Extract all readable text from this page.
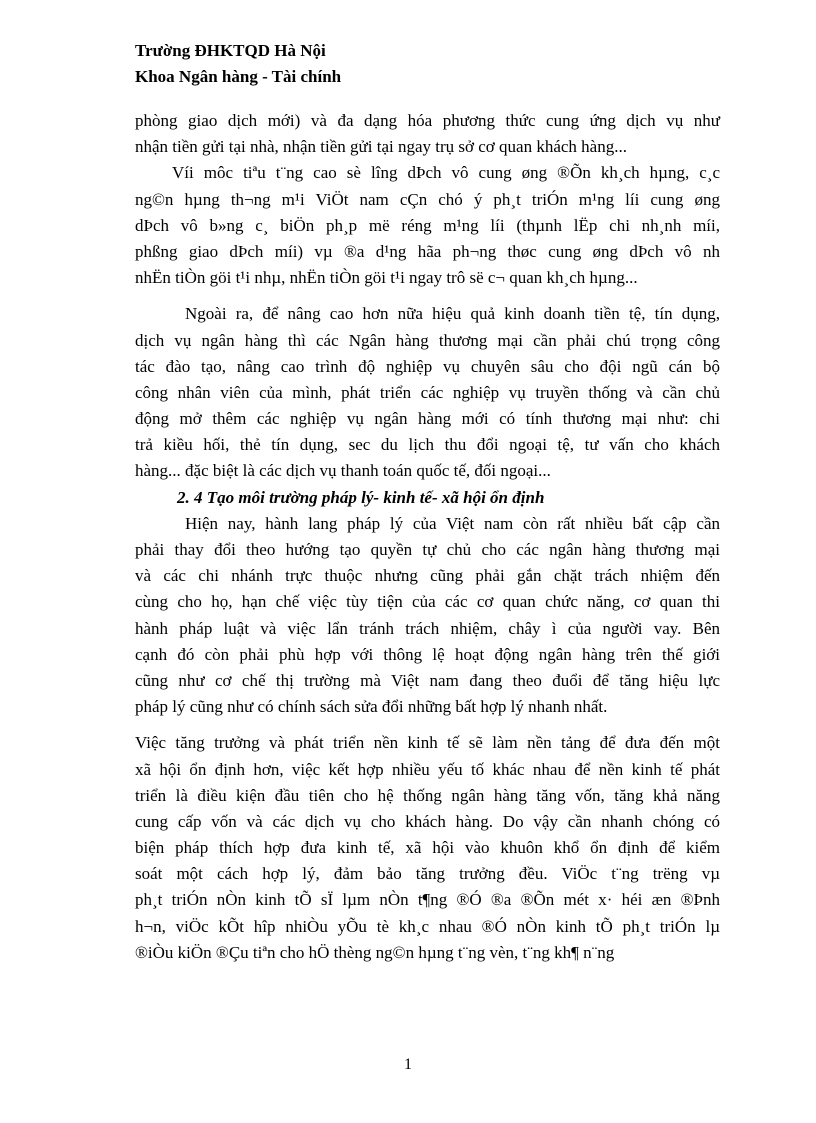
Trường ĐHKTQD Hà Nội
Khoa Ngân hàng - Tài chính
phòng giao dịch mới) và đa dạng hóa phương thức cung ứng dịch vụ như
nhận tiền gửi tại nhà, nhận tiền gửi tại ngay trụ sở cơ quan khách hàng...
Víi môc tiªu t¨ng cao sè lîng dÞch vô cung øng ®Õn kh¸ch hµng, c¸c
ng©n hµng th¬ng m¹i ViÖt nam cÇn chó ý ph¸t triÓn m¹ng líi cung øng
dÞch vô b»ng c¸ biÖn ph¸p më réng m¹ng líi (thµnh lËp chi nh¸nh míi,
phßng giao dÞch míi) vµ ®a d¹ng hãa ph¬ng thøc cung øng dÞch vô nh
nhËn tiÒn göi t¹i nhµ, nhËn tiÒn göi t¹i ngay trô së c¬ quan kh¸ch hµng...
Ngoài ra, để nâng cao hơn nữa hiệu quả kinh doanh tiền tệ, tín dụng,
dịch vụ ngân hàng thì các Ngân hàng thương mại cần phải chú trọng công
tác đào tạo, nâng cao trình độ nghiệp vụ chuyên sâu cho đội ngũ cán bộ
công nhân viên của mình, phát triển các nghiệp vụ truyền thống và cần chủ
động mở thêm các nghiệp vụ ngân hàng mới có tính thương mại như: chi
trả kiều hối, thẻ tín dụng, sec du lịch thu đổi ngoại tệ, tư vấn cho khách
hàng... đặc biệt là các dịch vụ thanh toán quốc tế, đối ngoại...
2. 4 Tạo môi trường pháp lý- kinh tế- xã hội ổn định
Hiện nay, hành lang pháp lý của Việt nam còn rất nhiều bất cập cần
phải thay đổi theo hướng tạo quyền tự chủ cho các ngân hàng thương mại
và các chi nhánh trực thuộc nhưng cũng phải gắn chặt trách nhiệm đến
cùng cho họ, hạn chế việc tùy tiện của các cơ quan chức năng, cơ quan thi
hành pháp luật và việc lẩn tránh trách nhiệm, chây ì của người vay. Bên
cạnh đó còn phải phù hợp với thông lệ hoạt động ngân hàng trên thế giới
cũng như cơ chế thị trường mà Việt nam đang theo đuổi để tăng hiệu lực
pháp lý cũng như có chính sách sửa đổi những bất hợp lý nhanh nhất.
Việc tăng trưởng và phát triển nền kinh tế sẽ làm nền tảng để đưa đến một
xã hội ổn định hơn, việc kết hợp nhiều yếu tố khác nhau để nền kinh tế phát
triển là điều kiện đầu tiên cho hệ thống ngân hàng tăng vốn, tăng khả năng
cung cấp vốn và các dịch vụ cho khách hàng. Do vậy cần nhanh chóng có
biện pháp thích hợp đưa kinh tế, xã hội vào khuôn khổ ổn định để kiểm
soát một cách hợp lý, đảm bảo tăng trưởng đều. ViÖc t¨ng trëng vµ
ph¸t triÓn nÒn kinh tÕ sÏ lµm nÒn t¶ng ®Ó ®a ®Õn mét x· héi æn ®Þnh
h¬n, viÖc kÕt hîp nhiÒu yÕu tè kh¸c nhau ®Ó nÒn kinh tÕ ph¸t triÓn lµ
®iÒu kiÖn ®Çu tiªn cho hÖ thèng ng©n hµng t¨ng vèn, t¨ng kh¶ n¨ng
1
